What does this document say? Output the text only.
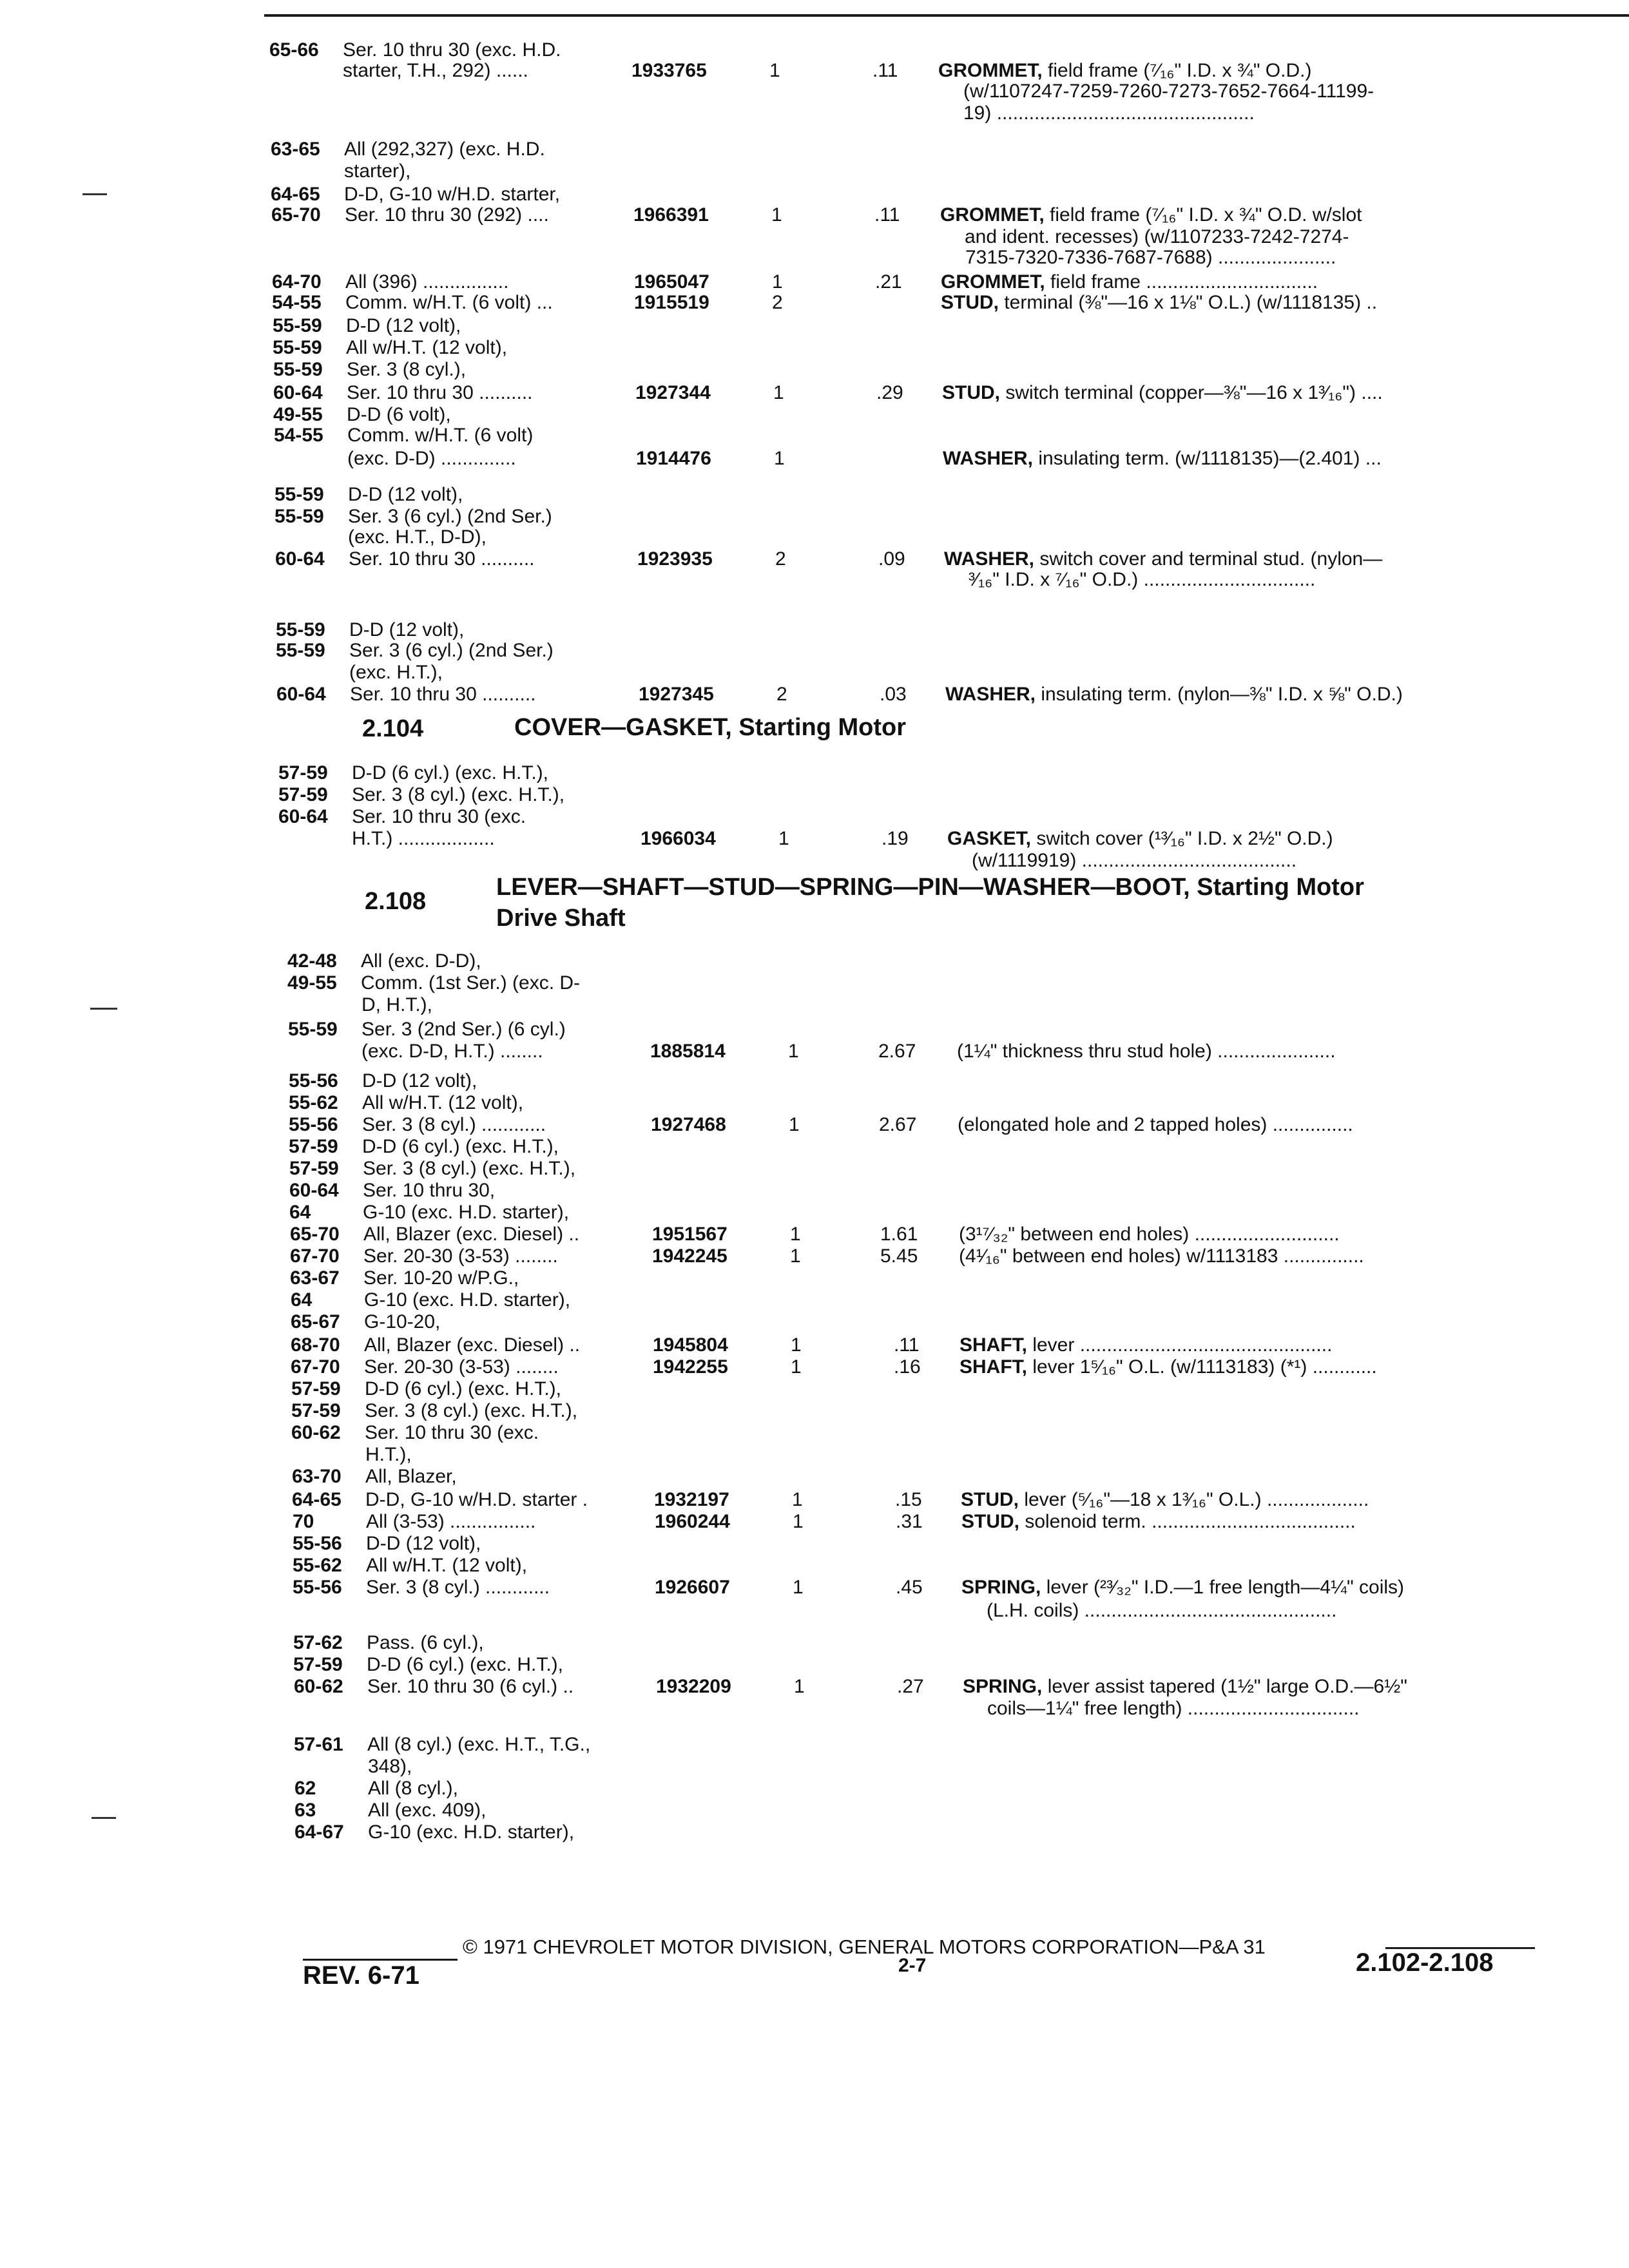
65-66 Ser. 10 thru 30 (exc. H.D.
starter, T.H., 292) ......	1933765	1	.11 GROMMET, field frame (⁷⁄₁₆" I.D. x ¾" O.D.)
(w/1107247-7259-7260-7273-7652-7664-11199-
19) ................................................
63-65 All (292,327) (exc. H.D.
starter),
64-65 D-D, G-10 w/H.D. starter,
65-70 Ser. 10 thru 30 (292) ....	1966391	1	.11 GROMMET, field frame (⁷⁄₁₆" I.D. x ¾" O.D. w/slot
and ident. recesses) (w/1107233-7242-7274-
7315-7320-7336-7687-7688) ......................
64-70 All (396) ................	1965047	1	.21 GROMMET, field frame ................................
54-55 Comm. w/H.T. (6 volt) ...	1915519	2	STUD, terminal (⅜"—16 x 1⅛" O.L.) (w/1118135) ..
55-59 D-D (12 volt),
55-59 All w/H.T. (12 volt),
55-59 Ser. 3 (8 cyl.),
60-64 Ser. 10 thru 30 ..........	1927344	1	.29 STUD, switch terminal (copper—⅜"—16 x 1³⁄₁₆") ....
49-55 D-D (6 volt),
54-55 Comm. w/H.T. (6 volt)
(exc. D-D) ..............	1914476	1	WASHER, insulating term. (w/1118135)—(2.401) ...
55-59 D-D (12 volt),
55-59 Ser. 3 (6 cyl.) (2nd Ser.)
(exc. H.T., D-D),
60-64 Ser. 10 thru 30 ..........	1923935	2	.09 WASHER, switch cover and terminal stud. (nylon—
³⁄₁₆" I.D. x ⁷⁄₁₆" O.D.) ................................
55-59 D-D (12 volt),
55-59 Ser. 3 (6 cyl.) (2nd Ser.)
(exc. H.T.),
60-64 Ser. 10 thru 30 ..........	1927345	2	.03 WASHER, insulating term. (nylon—⅜" I.D. x ⅝" O.D.)
2.104	COVER—GASKET, Starting Motor
57-59 D-D (6 cyl.) (exc. H.T.),
57-59 Ser. 3 (8 cyl.) (exc. H.T.),
60-64 Ser. 10 thru 30 (exc.
H.T.) ..................	1966034	1	.19 GASKET, switch cover (¹³⁄₁₆" I.D. x 2½" O.D.)
(w/1119919) ........................................
2.108
LEVER—SHAFT—STUD—SPRING—PIN—WASHER—BOOT, Starting Motor
Drive Shaft
42-48 All (exc. D-D),
49-55 Comm. (1st Ser.) (exc. D-
D, H.T.),
55-59 Ser. 3 (2nd Ser.) (6 cyl.)
(exc. D-D, H.T.) ........	1885814	1	2.67 (1¼" thickness thru stud hole) ......................
55-56 D-D (12 volt),
55-62 All w/H.T. (12 volt),
55-56 Ser. 3 (8 cyl.) ............	1927468	1	2.67 (elongated hole and 2 tapped holes) ...............
57-59 D-D (6 cyl.) (exc. H.T.),
57-59 Ser. 3 (8 cyl.) (exc. H.T.),
60-64 Ser. 10 thru 30,
64	G-10 (exc. H.D. starter),
65-70 All, Blazer (exc. Diesel) ..	1951567	1	1.61 (3¹⁷⁄₃₂" between end holes) ...........................
67-70 Ser. 20-30 (3-53) ........	1942245	1	5.45 (4¹⁄₁₆" between end holes) w/1113183 ...............
63-67 Ser. 10-20 w/P.G.,
64	G-10 (exc. H.D. starter),
65-67 G-10-20,
68-70 All, Blazer (exc. Diesel) ..	1945804	1	.11 SHAFT, lever ...............................................
67-70 Ser. 20-30 (3-53) ........	1942255	1	.16 SHAFT, lever 1⁵⁄₁₆" O.L. (w/1113183) (*¹) ............
57-59 D-D (6 cyl.) (exc. H.T.),
57-59 Ser. 3 (8 cyl.) (exc. H.T.),
60-62 Ser. 10 thru 30 (exc.
H.T.),
63-70 All, Blazer,
64-65 D-D, G-10 w/H.D. starter .	1932197	1	.15 STUD, lever (⁵⁄₁₆"—18 x 1³⁄₁₆" O.L.) ...................
70	All (3-53) ................	1960244	1	.31 STUD, solenoid term. ......................................
55-56 D-D (12 volt),
55-62 All w/H.T. (12 volt),
55-56 Ser. 3 (8 cyl.) ............	1926607	1	.45 SPRING, lever (²³⁄₃₂" I.D.—1 free length—4¼" coils)
(L.H. coils) ...............................................
57-62 Pass. (6 cyl.),
57-59 D-D (6 cyl.) (exc. H.T.),
60-62 Ser. 10 thru 30 (6 cyl.) ..	1932209	1	.27 SPRING, lever assist tapered (1½" large O.D.—6½"
coils—1¼" free length) ................................
57-61 All (8 cyl.) (exc. H.T., T.G.,
348),
62	All (8 cyl.),
63	All (exc. 409),
64-67 G-10 (exc. H.D. starter),
© 1971 CHEVROLET MOTOR DIVISION, GENERAL MOTORS CORPORATION—P&A 31
REV. 6-71	2-7	2.102-2.108
